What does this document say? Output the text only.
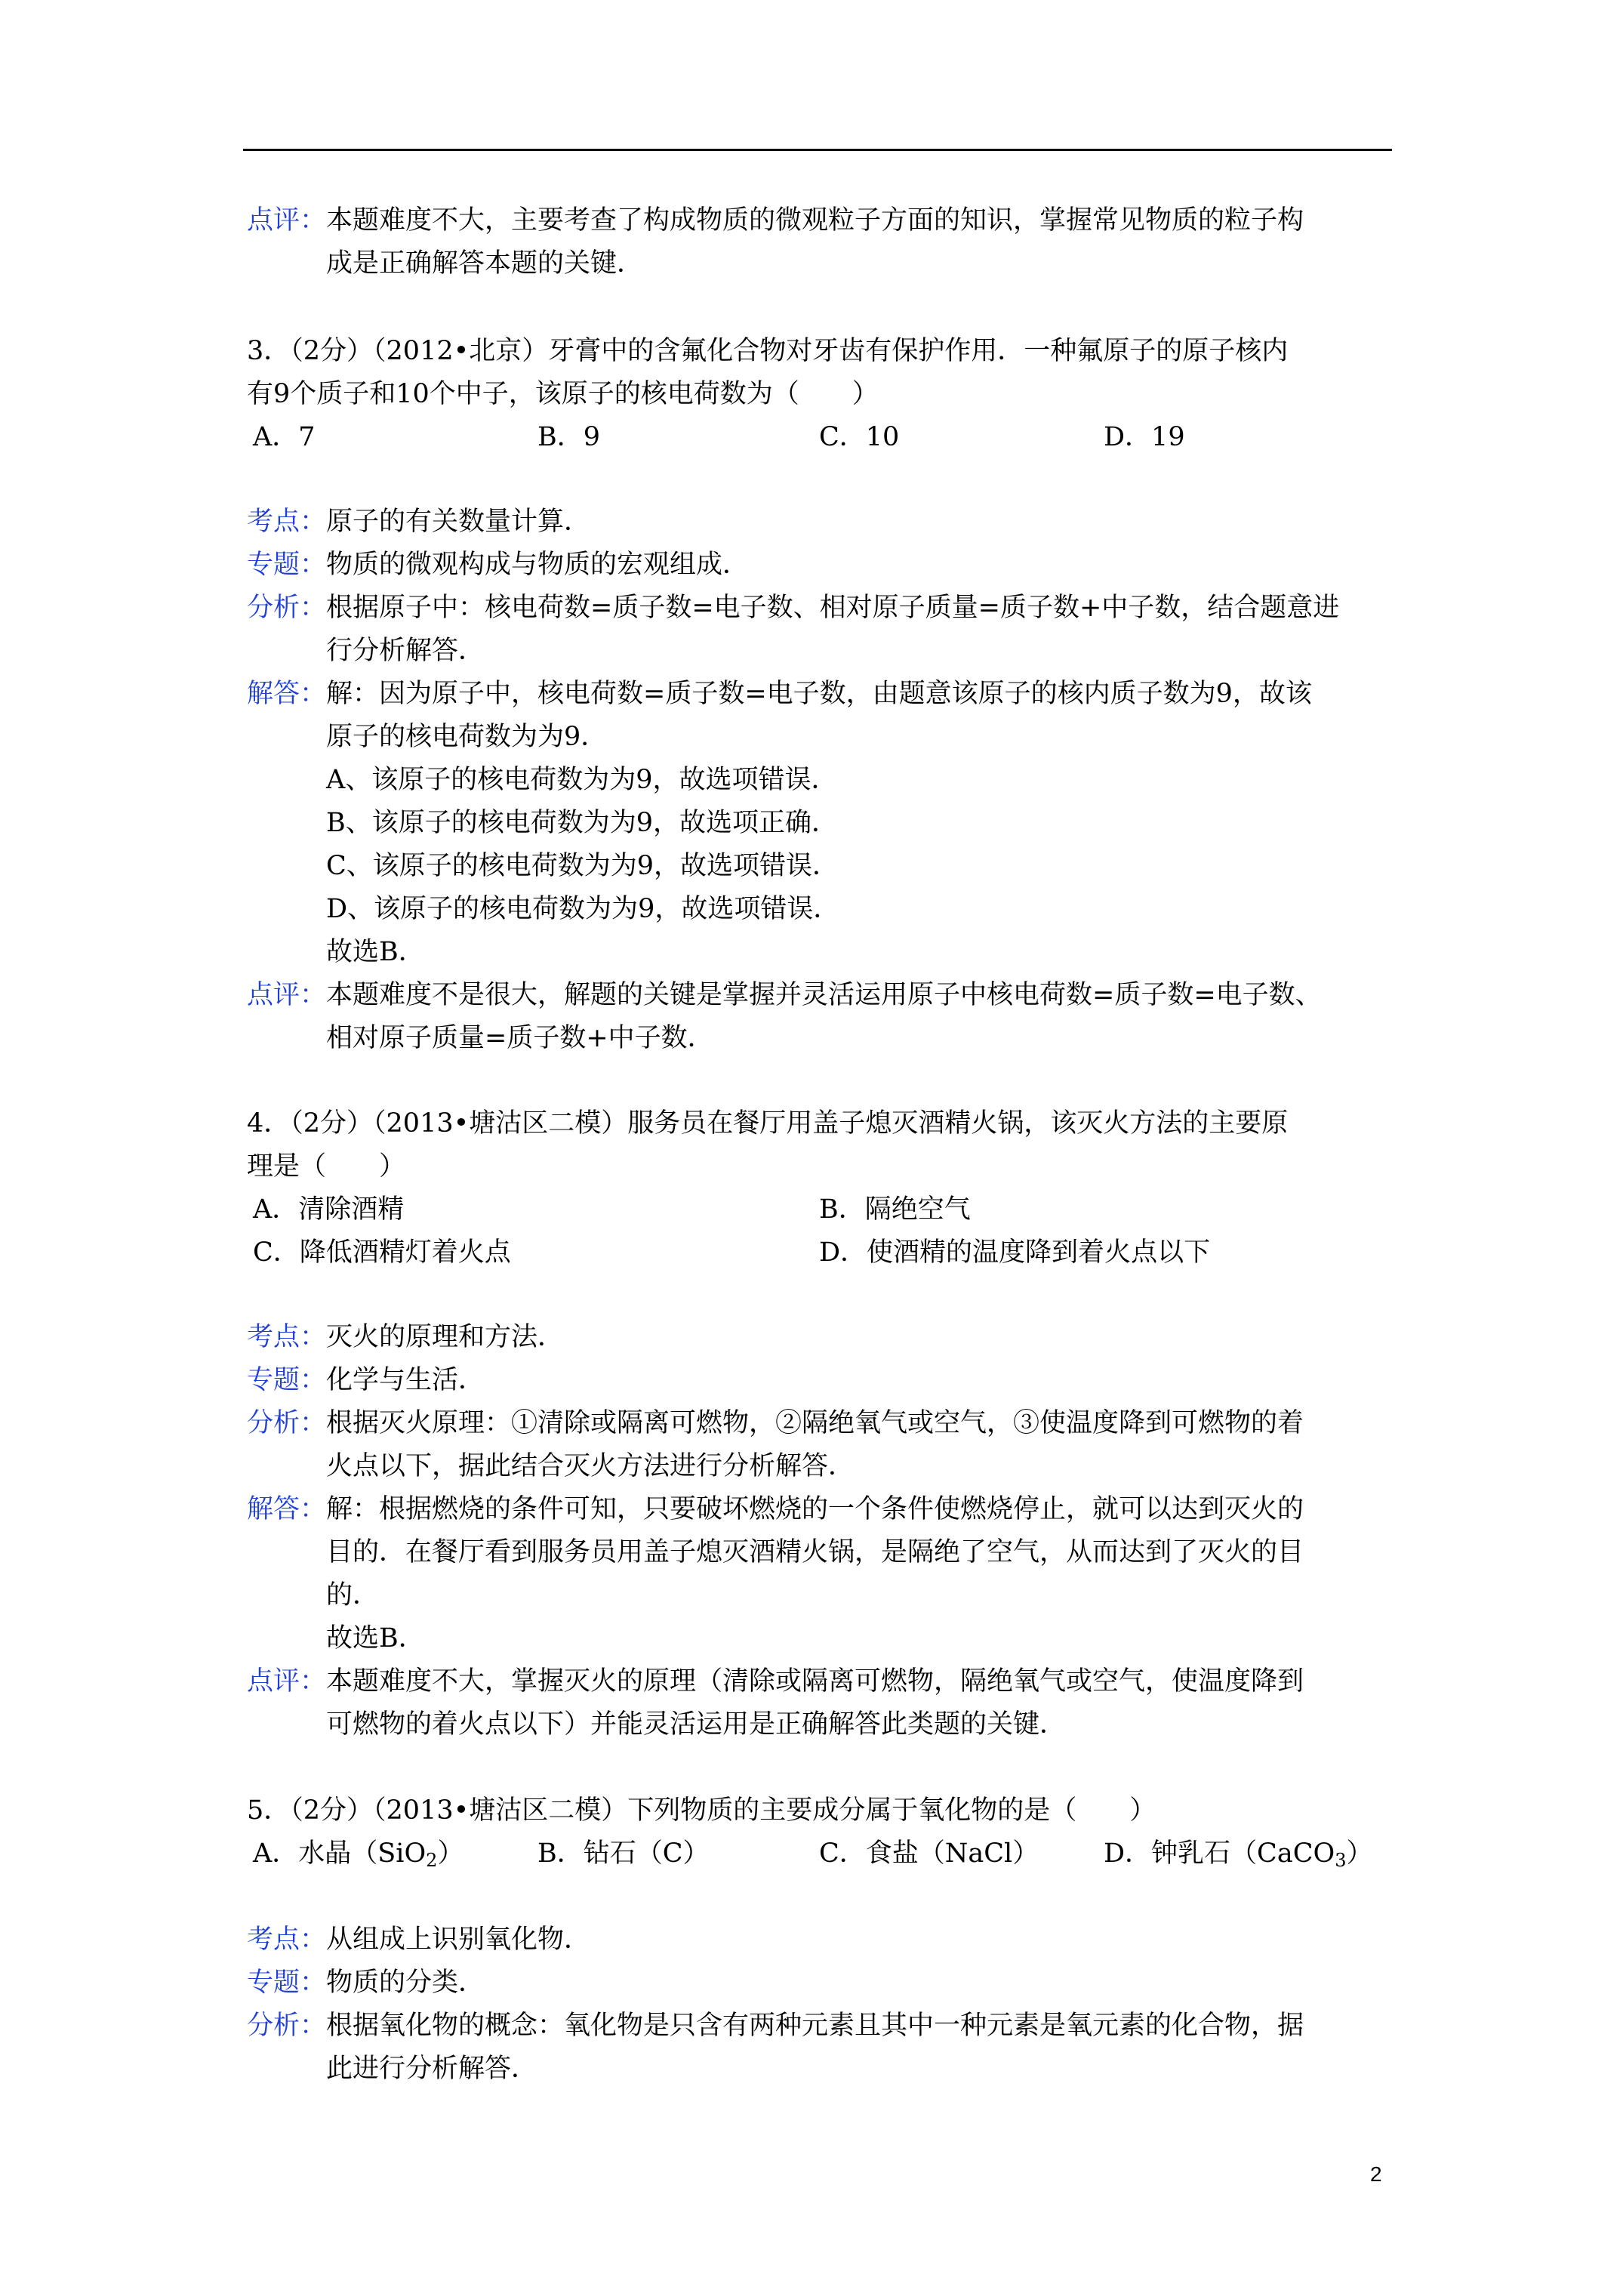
点评： 本题难度不大，主要考查了构成物质的微观粒子方面的知识，掌握常见物质的粒子构
成是正确解答本题的关键．
3．（2分）（2012•北京）牙膏中的含氟化合物对牙齿有保护作用．一种氟原子的原子核内
有9个质子和10个中子，该原子的核电荷数为（　　）
A．7	B．9	C．10	D．19
考点： 原子的有关数量计算．
专题： 物质的微观构成与物质的宏观组成．
分析： 根据原子中：核电荷数=质子数=电子数、相对原子质量=质子数+中子数，结合题意进
行分析解答．
解答： 解：因为原子中，核电荷数=质子数=电子数，由题意该原子的核内质子数为9，故该
原子的核电荷数为为9．
A、该原子的核电荷数为为9，故选项错误．
B、该原子的核电荷数为为9，故选项正确．
C、该原子的核电荷数为为9，故选项错误．
D、该原子的核电荷数为为9，故选项错误．
故选B．
点评： 本题难度不是很大，解题的关键是掌握并灵活运用原子中核电荷数=质子数=电子数、
相对原子质量=质子数+中子数．
4．（2分）（2013•塘沽区二模）服务员在餐厅用盖子熄灭酒精火锅，该灭火方法的主要原
理是（　　）
A．清除酒精	B．隔绝空气
C．降低酒精灯着火点	D．使酒精的温度降到着火点以下
考点： 灭火的原理和方法．
专题： 化学与生活．
分析： 根据灭火原理：①清除或隔离可燃物，②隔绝氧气或空气，③使温度降到可燃物的着
火点以下，据此结合灭火方法进行分析解答．
解答： 解：根据燃烧的条件可知，只要破坏燃烧的一个条件使燃烧停止，就可以达到灭火的
目的．在餐厅看到服务员用盖子熄灭酒精火锅，是隔绝了空气，从而达到了灭火的目
的．
故选B．
点评： 本题难度不大，掌握灭火的原理（清除或隔离可燃物，隔绝氧气或空气，使温度降到
可燃物的着火点以下）并能灵活运用是正确解答此类题的关键．
5．（2分）（2013•塘沽区二模）下列物质的主要成分属于氧化物的是（　　）
A．水晶（SiO$_2$）	B．钻石（C）	C．食盐（NaCl） D．钟乳石（CaCO$_3$）
考点： 从组成上识别氧化物．
专题： 物质的分类．
分析： 根据氧化物的概念：氧化物是只含有两种元素且其中一种元素是氧元素的化合物，据
此进行分析解答．
2
